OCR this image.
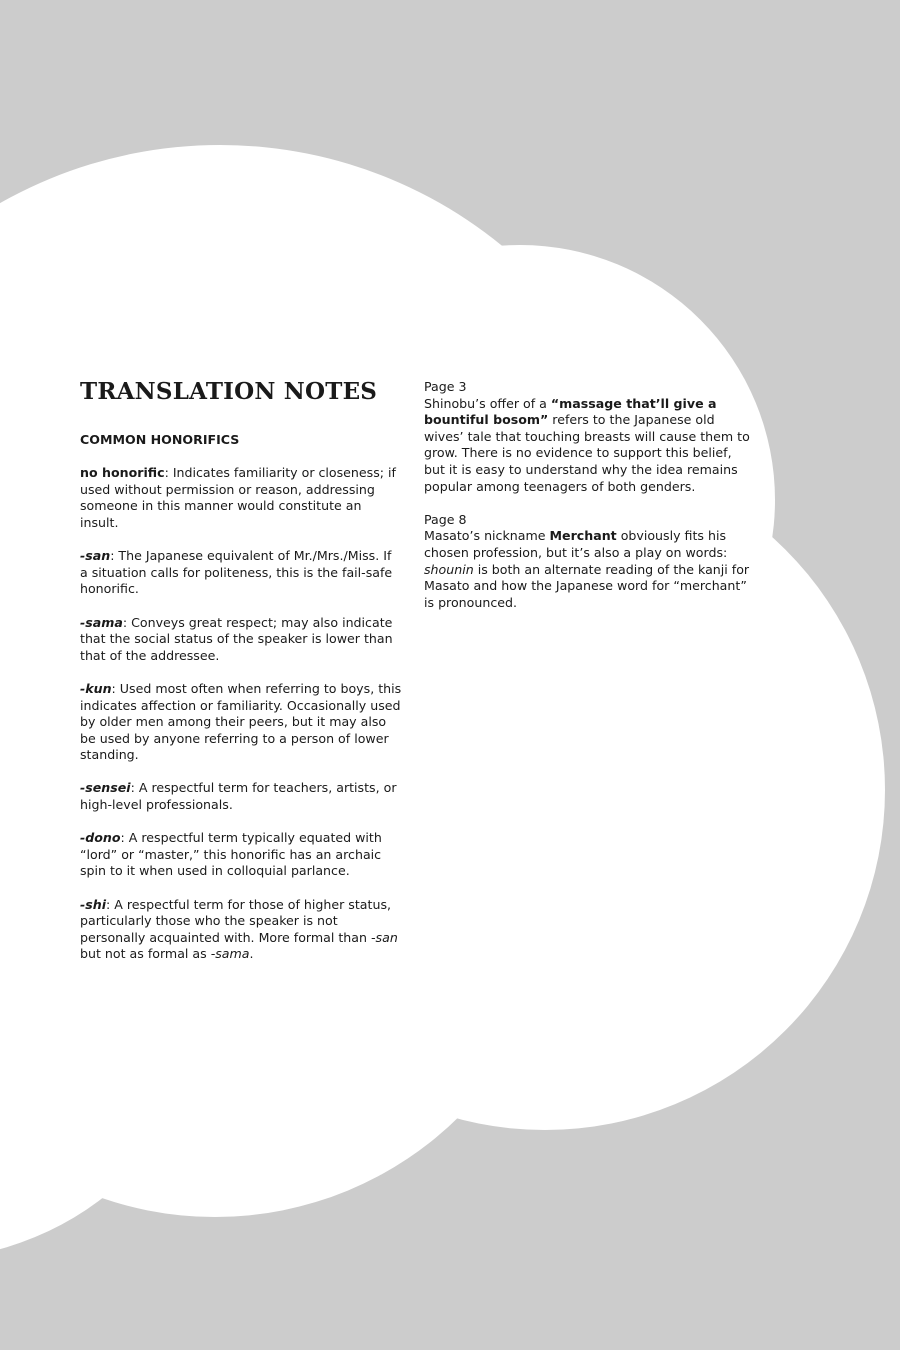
TRANSLATION NOTES
COMMON HONORIFICS

no honorific: Indicates familiarity or closeness; if used without permission or reason, addressing someone in this manner would constitute an insult.

-san: The Japanese equivalent of Mr./Mrs./Miss. If a situation calls for politeness, this is the fail-safe honorific.

-sama: Conveys great respect; may also indicate that the social status of the speaker is lower than that of the addressee.

-kun: Used most often when referring to boys, this indicates affection or familiarity. Occasionally used by older men among their peers, but it may also be used by anyone referring to a person of lower standing.

-sensei: A respectful term for teachers, artists, or high-level professionals.

-dono: A respectful term typically equated with “lord” or “master,” this honorific has an archaic spin to it when used in colloquial parlance.

-shi: A respectful term for those of higher status, particularly those who the speaker is not personally acquainted with. More formal than -san but not as formal as -sama.

Page 3

Shinobu’s offer of a “massage that’ll give a bountiful bosom” refers to the Japanese old wives’ tale that touching breasts will cause them to grow. There is no evidence to support this belief, but it is easy to understand why the idea remains popular among teenagers of both genders.

Page 8

Masato’s nickname Merchant obviously fits his chosen profession, but it’s also a play on words: shounin is both an alternate reading of the kanji for Masato and how the Japanese word for “merchant” is pronounced.
